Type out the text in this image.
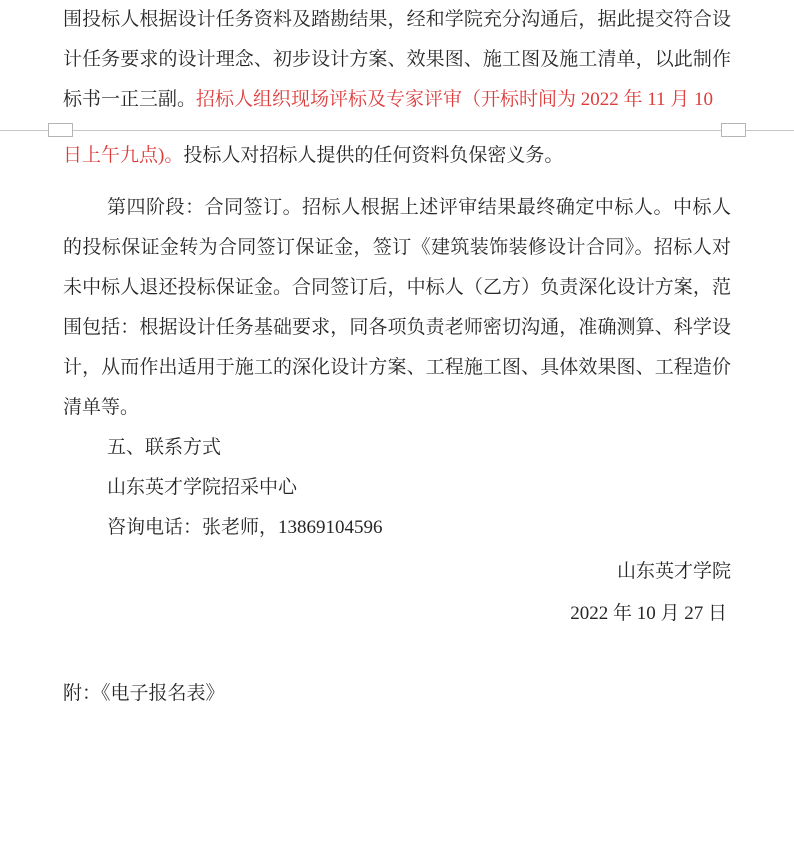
围投标人根据设计任务资料及踏勘结果，经和学院充分沟通后，据此提交符合设计任务要求的设计理念、初步设计方案、效果图、施工图及施工清单，以此制作标书一正三副。招标人组织现场评标及专家评审（开标时间为 2022 年 11 月 10

日上午九点)。投标人对招标人提供的任何资料负保密义务。

第四阶段：合同签订。招标人根据上述评审结果最终确定中标人。中标人的投标保证金转为合同签订保证金，签订《建筑装饰装修设计合同》。招标人对未中标人退还投标保证金。合同签订后，中标人（乙方）负责深化设计方案，范围包括：根据设计任务基础要求，同各项负责老师密切沟通，准确测算、科学设计，从而作出适用于施工的深化设计方案、工程施工图、具体效果图、工程造价清单等。

五、联系方式

山东英才学院招采中心

咨询电话：张老师，13869104596

山东英才学院

2022 年 10 月 27 日

附：《电子报名表》
